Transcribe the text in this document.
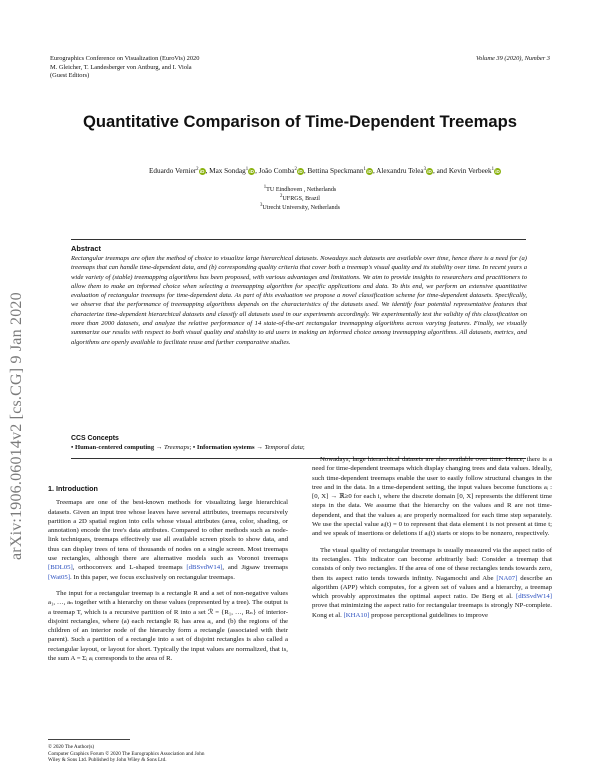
Eurographics Conference on Visualization (EuroVis) 2020
M. Gleicher, T. Landesberger von Antburg, and I. Viola
(Guest Editors)
Volume 39 (2020), Number 3
arXiv:1906.06014v2 [cs.CG] 9 Jan 2020
Quantitative Comparison of Time-Dependent Treemaps
Eduardo Vernier$^2$iD, Max Sondag$^1$iD, João Comba$^2$iD, Bettina Speckmann$^1$iD, Alexandru Telea$^3$iD, and Kevin Verbeek$^1$iD
$^1$TU Eindhoven , Netherlands
$^2$UFRGS, Brazil
$^3$Utrecht University, Netherlands
Abstract
Rectangular treemaps are often the method of choice to visualize large hierarchical datasets. Nowadays such datasets are available over time, hence there is a need for (a) treemaps that can handle time-dependent data, and (b) corresponding quality criteria that cover both a treemap's visual quality and its stability over time. In recent years a wide variety of (stable) treemapping algorithms has been proposed, with various advantages and limitations. We aim to provide insights to researchers and practitioners to allow them to make an informed choice when selecting a treemapping algorithm for specific applications and data. To this end, we perform an extensive quantitative evaluation of rectangular treemaps for time-dependent data. As part of this evaluation we propose a novel classification scheme for time-dependent datasets. Specifically, we observe that the performance of treemapping algorithms depends on the characteristics of the datasets used. We identify four potential representative features that characterize time-dependent hierarchical datasets and classify all datasets used in our experiments accordingly. We experimentally test the validity of this classification on more than 2000 datasets, and analyze the relative performance of 14 state-of-the-art rectangular treemapping algorithms across varying features. Finally, we visually summarize our results with respect to both visual quality and stability to aid users in making an informed choice among treemapping algorithms. All datasets, metrics, and algorithms are openly available to facilitate reuse and further comparative studies.
CCS Concepts
• Human-centered computing → Treemaps; • Information systems → Temporal data;
1. Introduction

Treemaps are one of the best-known methods for visualizing large hierarchical datasets. Given an input tree whose leaves have several attributes, treemaps recursively partition a 2D spatial region into cells whose visual attributes (area, color, shading, or annotation) encode the tree's data attributes. Compared to other methods such as node-link techniques, treemaps effectively use all available screen pixels to show data, and thus can display trees of tens of thousands of nodes on a single screen. Most treemaps use rectangles, although there are alternative models such as Voronoi treemaps [BDL05], orthoconvex and L-shaped treemaps [dBSvdW14], and Jigsaw treemaps [Wat05]. In this paper, we focus exclusively on rectangular treemaps.

The input for a rectangular treemap is a rectangle R and a set of non-negative values a₁, …, aₙ together with a hierarchy on these values (represented by a tree). The output is a treemap T, which is a recursive partition of R into a set ℛ = {R₁, …, Rₙ} of interior-disjoint rectangles, where (a) each rectangle Rᵢ has area aᵢ, and (b) the regions of the children of an interior node of the hierarchy form a rectangle (associated with their parent). Such a partition of a rectangle into a set of disjoint rectangles is also called a rectangular layout, or layout for short. Typically the input values are normalized, that is, the sum A = Σᵢ aᵢ corresponds to the area of R.

Nowadays, large hierarchical datasets are also available over time. Hence, there is a need for time-dependent treemaps which display changing trees and data values. Ideally, such time-dependent treemaps enable the user to easily follow structural changes in the tree and in the data. In a time-dependent setting, the input values become functions aᵢ : [0, X] → ℝ≥0 for each i, where the discrete domain [0, X] represents the different time steps in the data. We assume that the hierarchy on the values and R are not time-dependent, and that the values aᵢ are properly normalized for each time step separately. We use the special value aᵢ(t) = 0 to represent that data element i is not present at time t; and we speak of insertions or deletions if aᵢ(t) starts or stops to be nonzero, respectively.

The visual quality of rectangular treemaps is usually measured via the aspect ratio of its rectangles. This indicator can become arbitrarily bad: Consider a treemap that consists of only two rectangles. If the area of one of these rectangles tends towards zero, then its aspect ratio tends towards infinity. Nagamochi and Abe [NA07] describe an algorithm (APP) which computes, for a given set of values and a hierarchy, a treemap which provably approximates the optimal aspect ratio. De Berg et al. [dBSvdW14] prove that minimizing the aspect ratio for rectangular treemaps is strongly NP-complete. Kong et al. [KHA10] propose perceptional guidelines to improve

© 2020 The Author(s)
Computer Graphics Forum © 2020 The Eurographics Association and John
Wiley & Sons Ltd. Published by John Wiley & Sons Ltd.
